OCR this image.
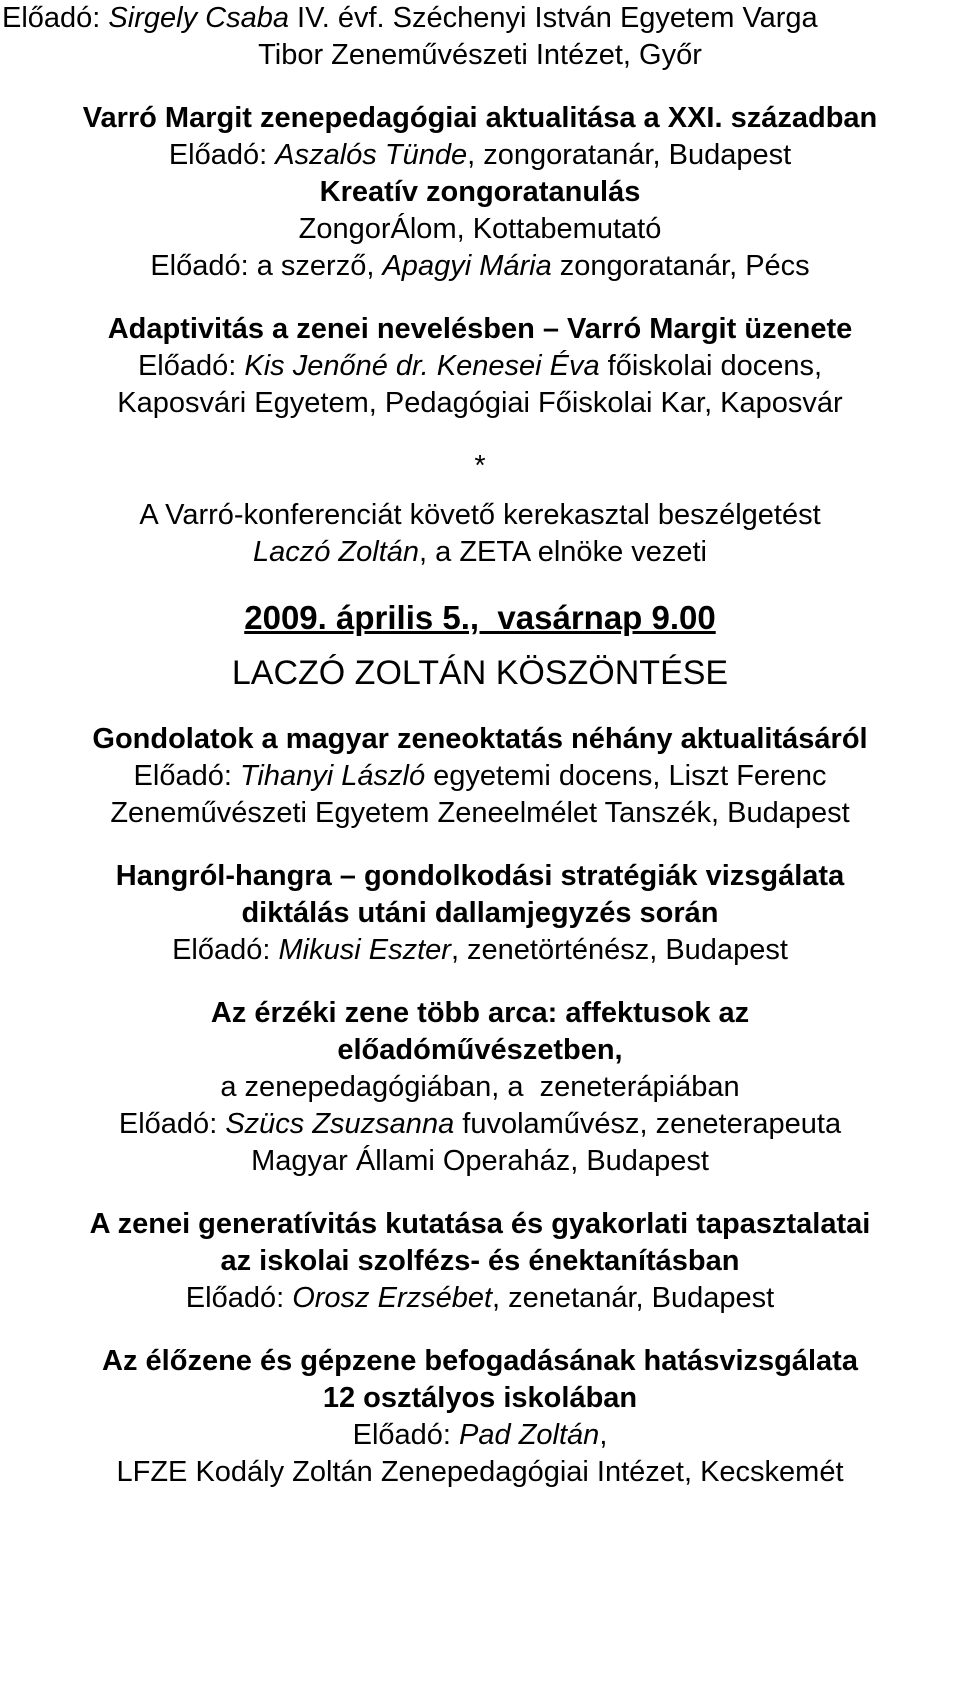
Előadó: Sirgely Csaba IV. évf. Széchenyi István Egyetem Varga
Tibor Zeneművészeti Intézet, Győr
Varró Margit zenepedagógiai aktualitása a XXI. században
Előadó: Aszalós Tünde, zongoratanár, Budapest
Kreatív zongoratanulás
ZongorÁlom, Kottabemutató
Előadó: a szerző, Apagyi Mária zongoratanár, Pécs
Adaptivitás a zenei nevelésben – Varró Margit üzenete
Előadó: Kis Jenőné dr. Kenesei Éva főiskolai docens,
Kaposvári Egyetem, Pedagógiai Főiskolai Kar, Kaposvár
*
A Varró-konferenciát követő kerekasztal beszélgetést
Laczó Zoltán, a ZETA elnöke vezeti
2009. április 5.,  vasárnap 9.00
LACZÓ ZOLTÁN KÖSZÖNTÉSE
Gondolatok a magyar zeneoktatás néhány aktualitásáról
Előadó: Tihanyi László egyetemi docens, Liszt Ferenc
Zeneművészeti Egyetem Zeneelmélet Tanszék, Budapest
Hangról-hangra – gondolkodási stratégiák vizsgálata
diktálás utáni dallamjegyzés során
Előadó: Mikusi Eszter, zenetörténész, Budapest
Az érzéki zene több arca: affektusok az
előadóművészetben,
a zenepedagógiában, a  zeneterápiában
Előadó: Szücs Zsuzsanna fuvolaművész, zeneterapeuta
Magyar Állami Operaház, Budapest
A zenei generatívitás kutatása és gyakorlati tapasztalatai
az iskolai szolfézs- és énektanításban
Előadó: Orosz Erzsébet, zenetanár, Budapest
Az élőzene és gépzene befogadásának hatásvizsgálata
12 osztályos iskolában
Előadó: Pad Zoltán,
LFZE Kodály Zoltán Zenepedagógiai Intézet, Kecskemét
